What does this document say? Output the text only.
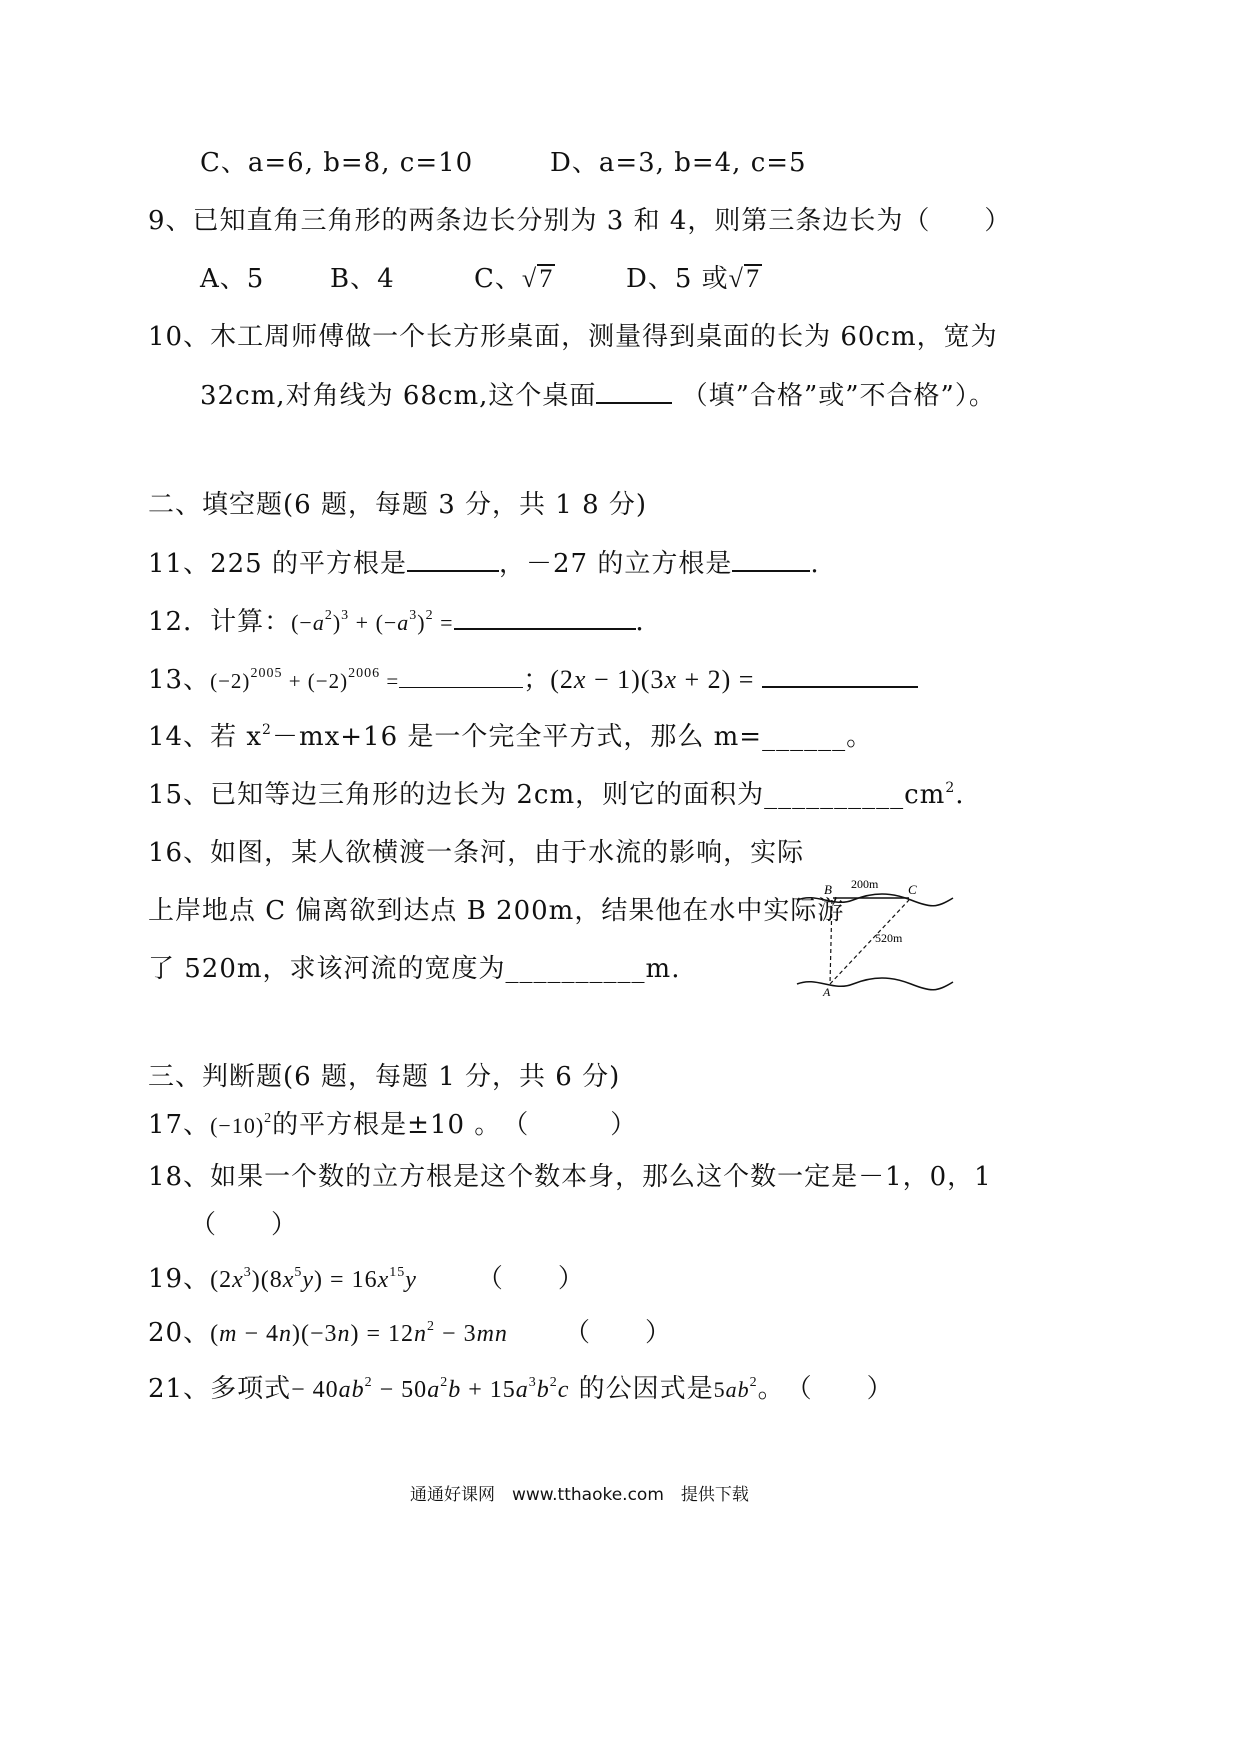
C、a=6, b=8, c=10	D、a=3, b=4, c=5
9、已知直角三角形的两条边长分别为 3 和 4，则第三条边长为（　　）
A、5	B、4	C、√7	D、5 或√7
10、木工周师傅做一个长方形桌面，测量得到桌面的长为 60cm，宽为
32cm,对角线为 68cm,这个桌面	（填”合格”或”不合格”）。
二、填空题(6 题，每题 3 分，共 1 8 分)
11、225 的平方根是	，－27 的立方根是	.
12．计算：$(-a^2)^3 + (-a^3)^2$ =	．
13、$(-2)^{2005} + (-2)^{2006}$ =	；(2x − 1)(3x + 2) =
14、若 $x^2-mx+16$ 是一个完全平方式，那么 m=______。
15、已知等边三角形的边长为 2cm，则它的面积为$\_\_\_\_\_\_\_\_\_\_cm^2$.
16、如图，某人欲横渡一条河，由于水流的影响，实际
上岸地点 C 偏离欲到达点 B 200m，结果他在水中实际游
了 520m，求该河流的宽度为__________m.
B	C
A
200m
520m
三、判断题(6 题，每题 1 分，共 6 分)
17、$(-10)^2$的平方根是±10 。　（　　　）
18、如果一个数的立方根是这个数本身，那么这个数一定是－1，0，1
（　　）
19、$(2x^3)(8x^5y) = 16x^{15}y$ （　　）
20、$(m - 4n)(-3n) = 12n^2 - 3mn$ （　　）
21、多项式− $40ab^2 - 50a^2b + 15a^3b^2c$ 的公因式是$5ab^2$。　（　　）
通通好课网　www.tthaoke.com　提供下载
